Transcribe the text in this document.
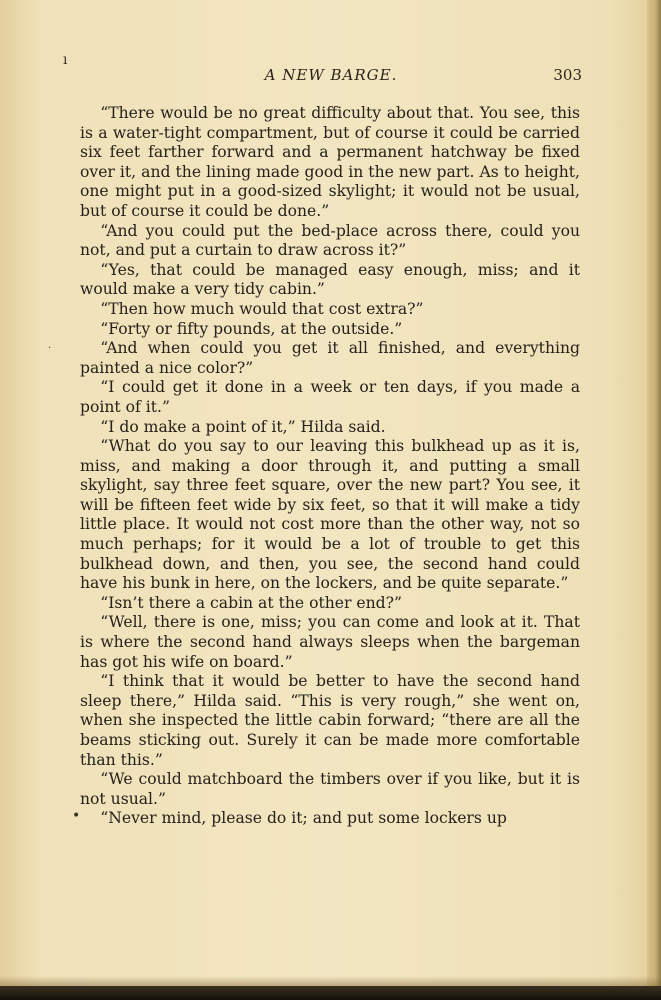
ı
·
•
A NEW BARGE.	303

“There would be no great difficulty about that. You see, this is a water-tight compartment, but of course it could be carried six feet farther forward and a permanent hatchway be fixed over it, and the lining made good in the new part. As to height, one might put in a good-sized skylight; it would not be usual, but of course it could be done.”

“And you could put the bed-place across there, could you not, and put a curtain to draw across it?”

“Yes, that could be managed easy enough, miss; and it would make a very tidy cabin.”

“Then how much would that cost extra?”

“Forty or fifty pounds, at the outside.”

“And when could you get it all finished, and everything painted a nice color?”

“I could get it done in a week or ten days, if you made a point of it.”

“I do make a point of it,” Hilda said.

“What do you say to our leaving this bulkhead up as it is, miss, and making a door through it, and putting a small skylight, say three feet square, over the new part? You see, it will be fifteen feet wide by six feet, so that it will make a tidy little place. It would not cost more than the other way, not so much perhaps; for it would be a lot of trouble to get this bulkhead down, and then, you see, the second hand could have his bunk in here, on the lockers, and be quite separate.”

“Isn’t there a cabin at the other end?”

“Well, there is one, miss; you can come and look at it. That is where the second hand always sleeps when the bargeman has got his wife on board.”

“I think that it would be better to have the second hand sleep there,” Hilda said. “This is very rough,” she went on, when she inspected the little cabin forward; “there are all the beams sticking out. Surely it can be made more comfortable than this.”

“We could matchboard the timbers over if you like, but it is not usual.”

“Never mind, please do it; and put some lockers up
